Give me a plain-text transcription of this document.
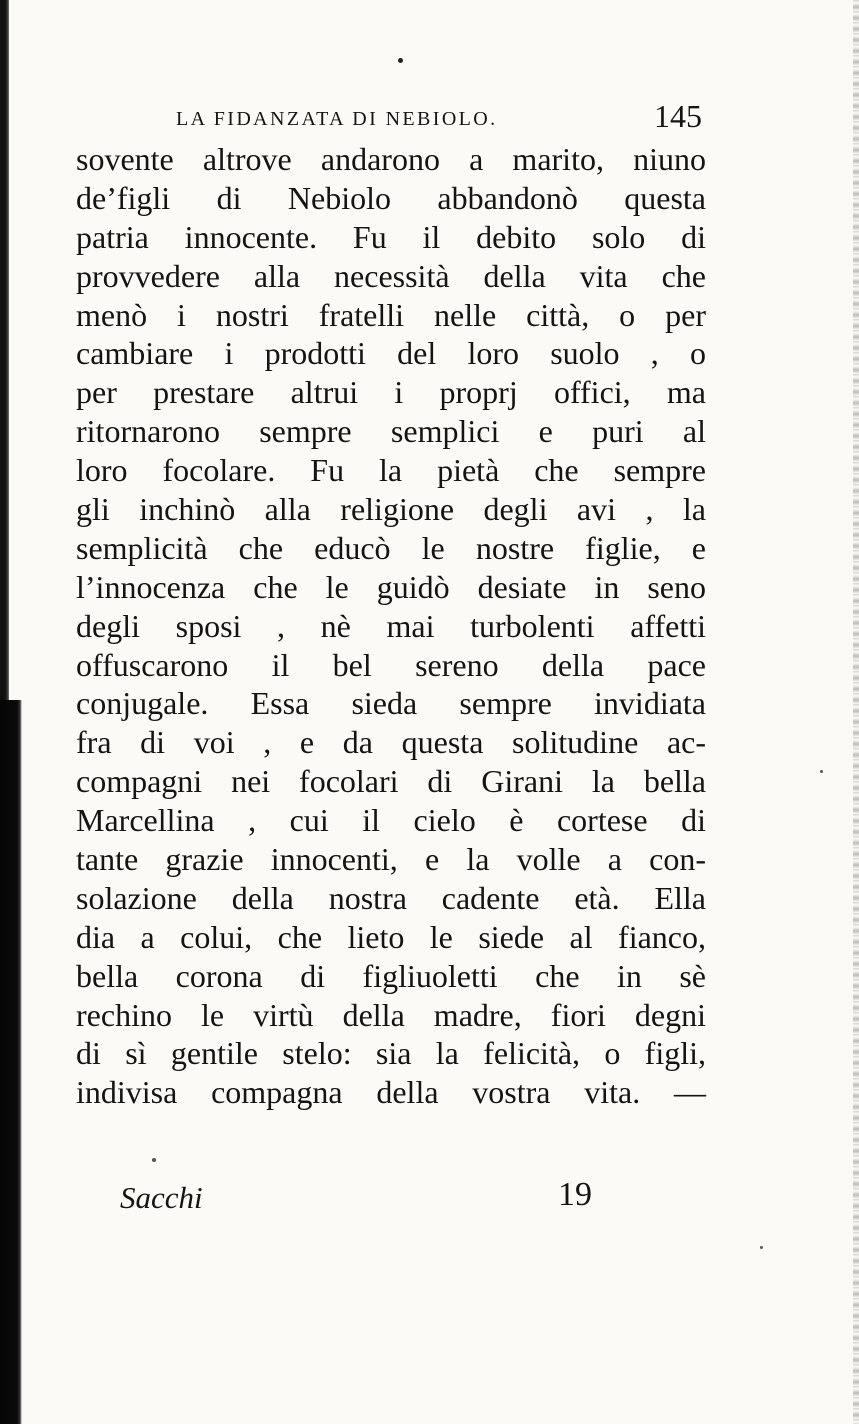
LA FIDANZATA DI NEBIOLO.	145
sovente altrove andarono a marito, niuno
de’figli di Nebiolo abbandonò questa
patria innocente. Fu il debito solo di
provvedere alla necessità della vita che
menò i nostri fratelli nelle città, o per
cambiare i prodotti del loro suolo , o
per prestare altrui i proprj offici, ma
ritornarono sempre semplici e puri al
loro focolare. Fu la pietà che sempre
gli inchinò alla religione degli avi , la
semplicità che educò le nostre figlie, e
l’innocenza che le guidò desiate in seno
degli sposi , nè mai turbolenti affetti
offuscarono il bel sereno della pace
conjugale. Essa sieda sempre invidiata
fra di voi , e da questa solitudine ac-
compagni nei focolari di Girani la bella
Marcellina , cui il cielo è cortese di
tante grazie innocenti, e la volle a con-
solazione della nostra cadente età. Ella
dia a colui, che lieto le siede al fianco,
bella corona di figliuoletti che in sè
rechino le virtù della madre, fiori degni
di sì gentile stelo: sia la felicità, o figli,
indivisa compagna della vostra vita. —
Sacchi	19
